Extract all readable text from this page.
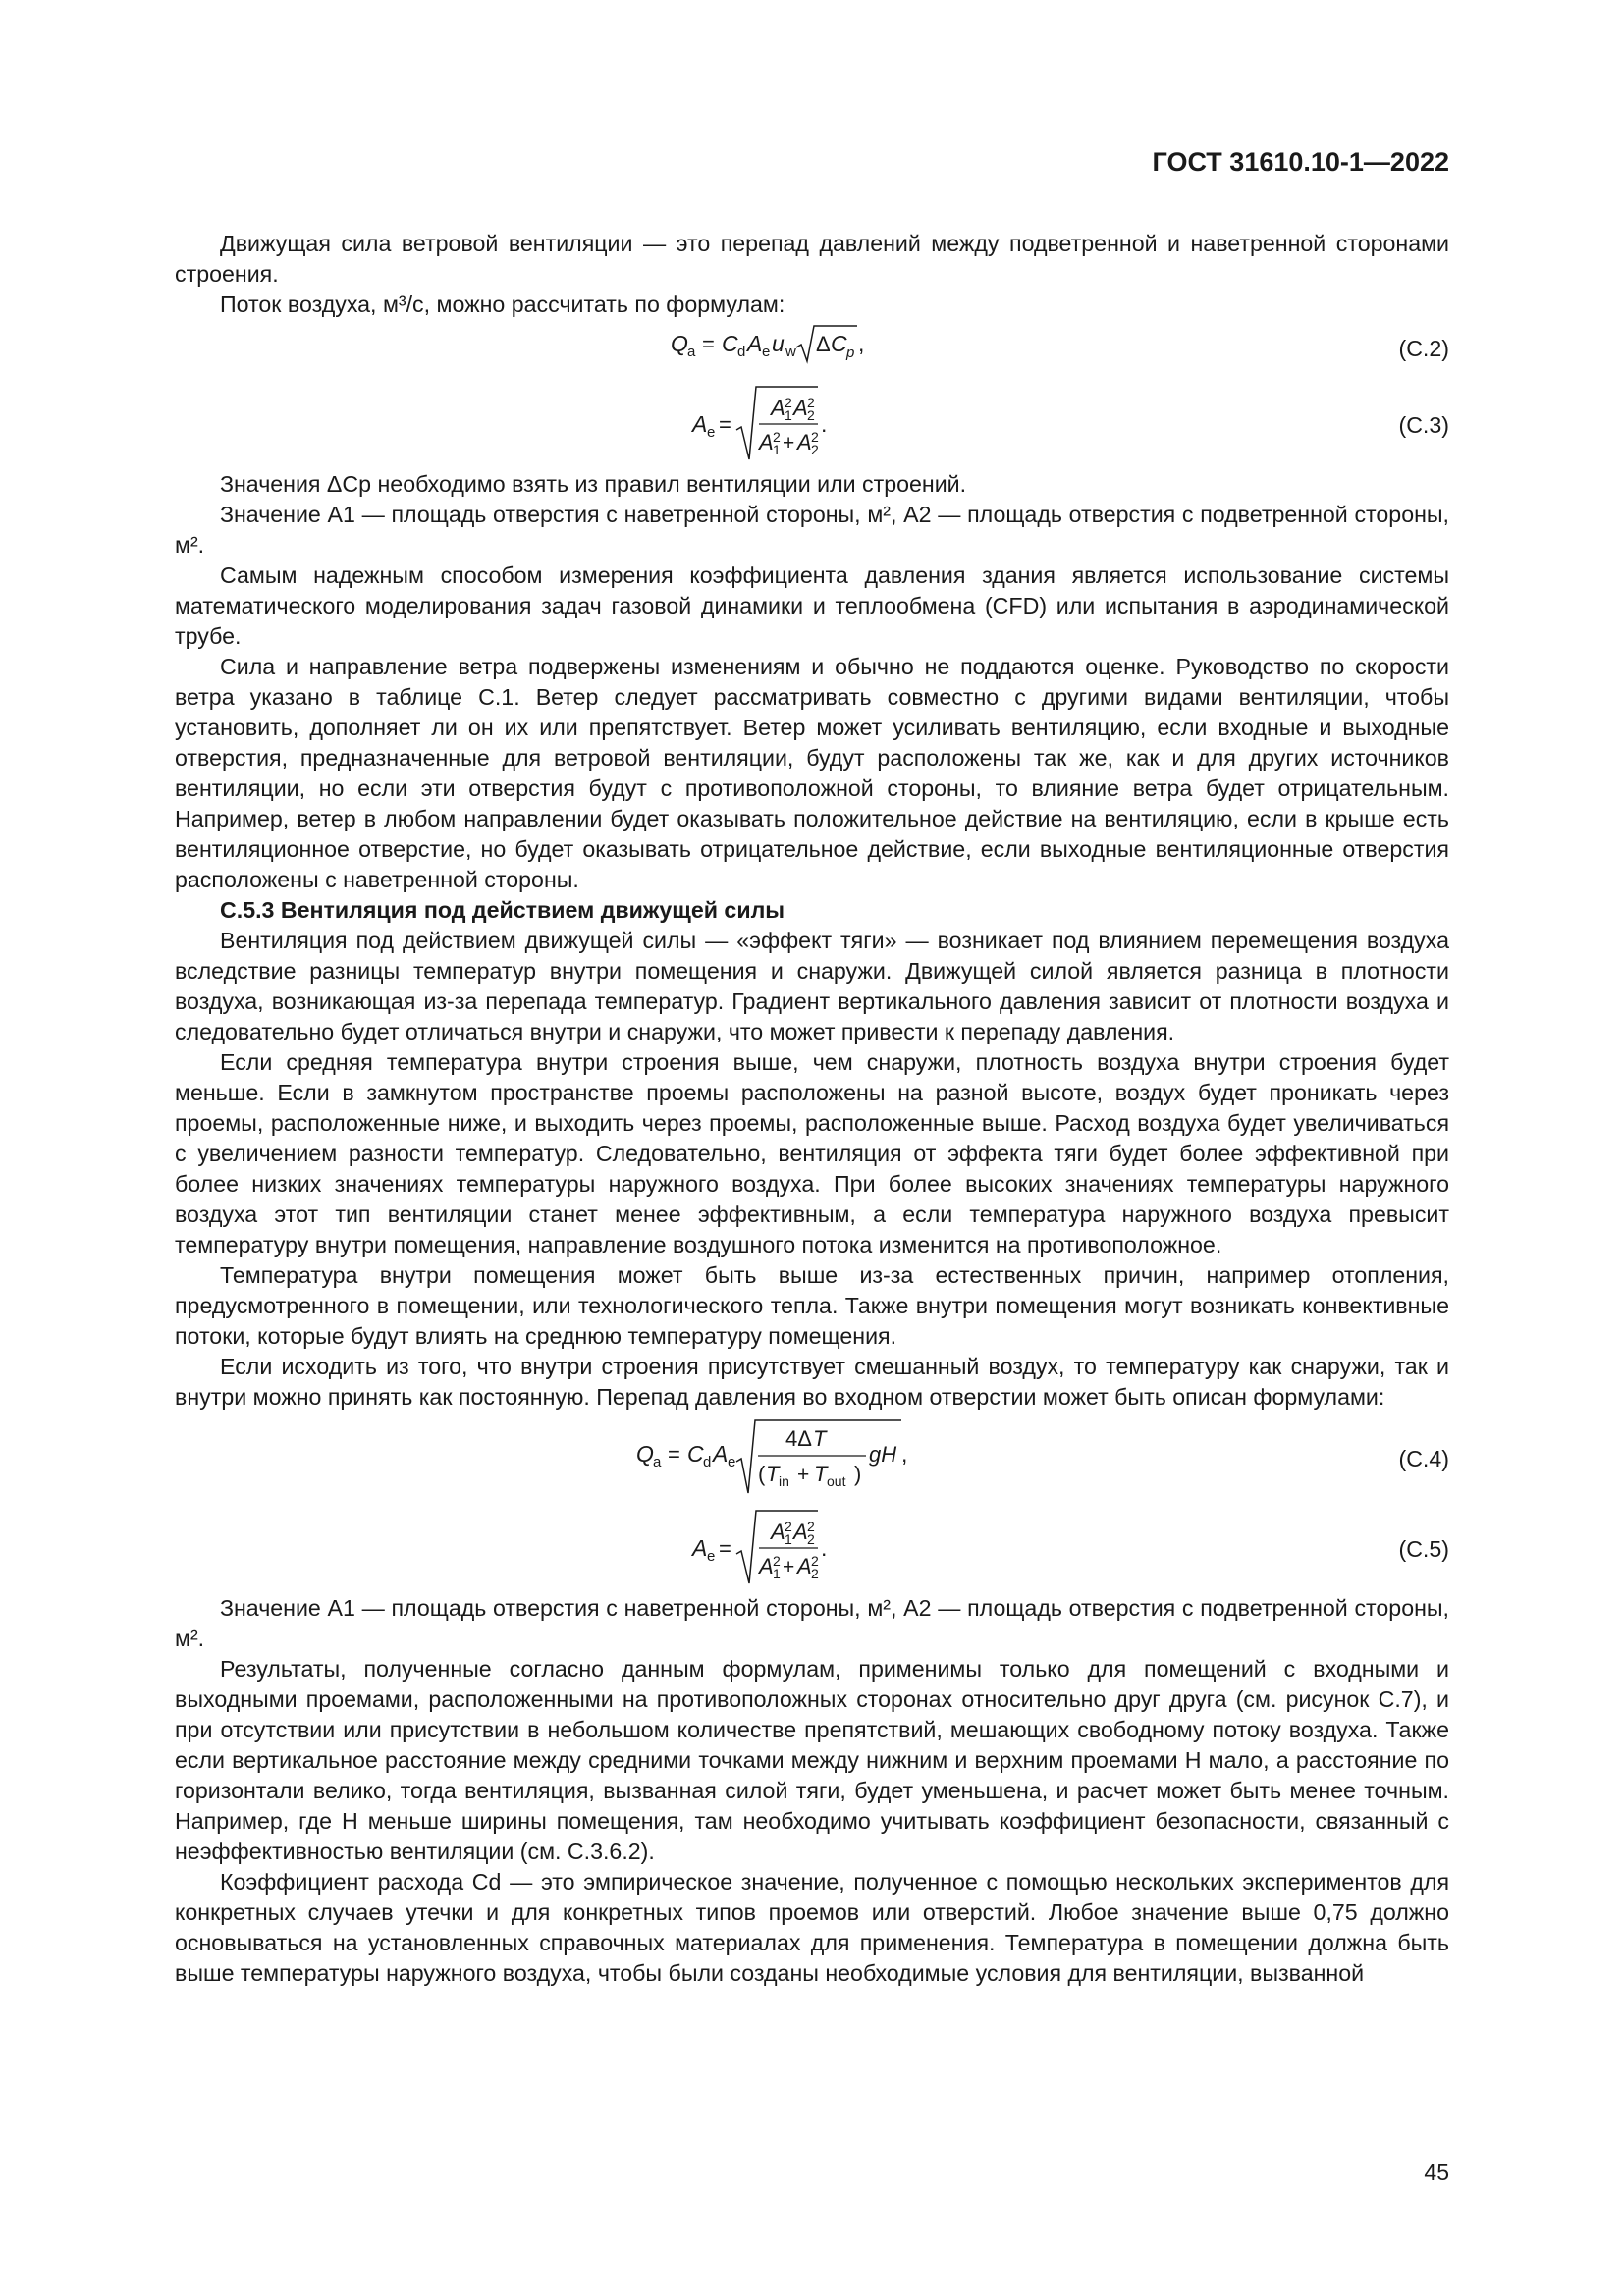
ГОСТ 31610.10-1—2022

Движущая сила ветровой вентиляции — это перепад давлений между подветренной и наветренной сторонами строения.

Поток воздуха, м³/с, можно рассчитать по формулам:

Q a = C d A e u w Δ C p ,	(C.2)
A e =
A 2
1 A 2
2
A 2
1 + A 2
2
.	(C.3)

Значения ΔCp необходимо взять из правил вентиляции или строений.

Значение A1 — площадь отверстия с наветренной стороны, м², A2 — площадь отверстия с подветренной стороны, м².

Самым надежным способом измерения коэффициента давления здания является использование системы математического моделирования задач газовой динамики и теплообмена (CFD) или испытания в аэродинамической трубе.

Сила и направление ветра подвержены изменениям и обычно не поддаются оценке. Руководство по скорости ветра указано в таблице С.1. Ветер следует рассматривать совместно с другими видами вентиляции, чтобы установить, дополняет ли он их или препятствует. Ветер может усиливать вентиляцию, если входные и выходные отверстия, предназначенные для ветровой вентиляции, будут расположены так же, как и для других источников вентиляции, но если эти отверстия будут с противоположной стороны, то влияние ветра будет отрицательным. Например, ветер в любом направлении будет оказывать положительное действие на вентиляцию, если в крыше есть вентиляционное отверстие, но будет оказывать отрицательное действие, если выходные вентиляционные отверстия расположены с наветренной стороны.

С.5.3 Вентиляция под действием движущей силы

Вентиляция под действием движущей силы — «эффект тяги» — возникает под влиянием перемещения воздуха вследствие разницы температур внутри помещения и снаружи. Движущей силой является разница в плотности воздуха, возникающая из-за перепада температур. Градиент вертикального давления зависит от плотности воздуха и следовательно будет отличаться внутри и снаружи, что может привести к перепаду давления.

Если средняя температура внутри строения выше, чем снаружи, плотность воздуха внутри строения будет меньше. Если в замкнутом пространстве проемы расположены на разной высоте, воздух будет проникать через проемы, расположенные ниже, и выходить через проемы, расположенные выше. Расход воздуха будет увеличиваться с увеличением разности температур. Следовательно, вентиляция от эффекта тяги будет более эффективной при более низких значениях температуры наружного воздуха. При более высоких значениях температуры наружного воздуха этот тип вентиляции станет менее эффективным, а если температура наружного воздуха превысит температуру внутри помещения, направление воздушного потока изменится на противоположное.

Температура внутри помещения может быть выше из-за естественных причин, например отопления, предусмотренного в помещении, или технологического тепла. Также внутри помещения могут возникать конвективные потоки, которые будут влиять на среднюю температуру помещения.

Если исходить из того, что внутри строения присутствует смешанный воздух, то температуру как снаружи, так и внутри можно принять как постоянную. Перепад давления во входном отверстии может быть описан формулами:

Q a = C d A e
4Δ T
( T in + T out )
gH ,	(C.4)
A e =
A 2
1 A 2
2
A 2
1 + A 2
2
.	(C.5)

Значение A1 — площадь отверстия с наветренной стороны, м², A2 — площадь отверстия с подветренной стороны, м².

Результаты, полученные согласно данным формулам, применимы только для помещений с входными и выходными проемами, расположенными на противоположных сторонах относительно друг друга (см. рисунок С.7), и при отсутствии или присутствии в небольшом количестве препятствий, мешающих свободному потоку воздуха. Также если вертикальное расстояние между средними точками между нижним и верхним проемами H мало, а расстояние по горизонтали велико, тогда вентиляция, вызванная силой тяги, будет уменьшена, и расчет может быть менее точным. Например, где H меньше ширины помещения, там необходимо учитывать коэффициент безопасности, связанный с неэффективностью вентиляции (см. С.3.6.2).

Коэффициент расхода Cd — это эмпирическое значение, полученное с помощью нескольких экспериментов для конкретных случаев утечки и для конкретных типов проемов или отверстий. Любое значение выше 0,75 должно основываться на установленных справочных материалах для применения. Температура в помещении должна быть выше температуры наружного воздуха, чтобы были созданы необходимые условия для вентиляции, вызванной

45
